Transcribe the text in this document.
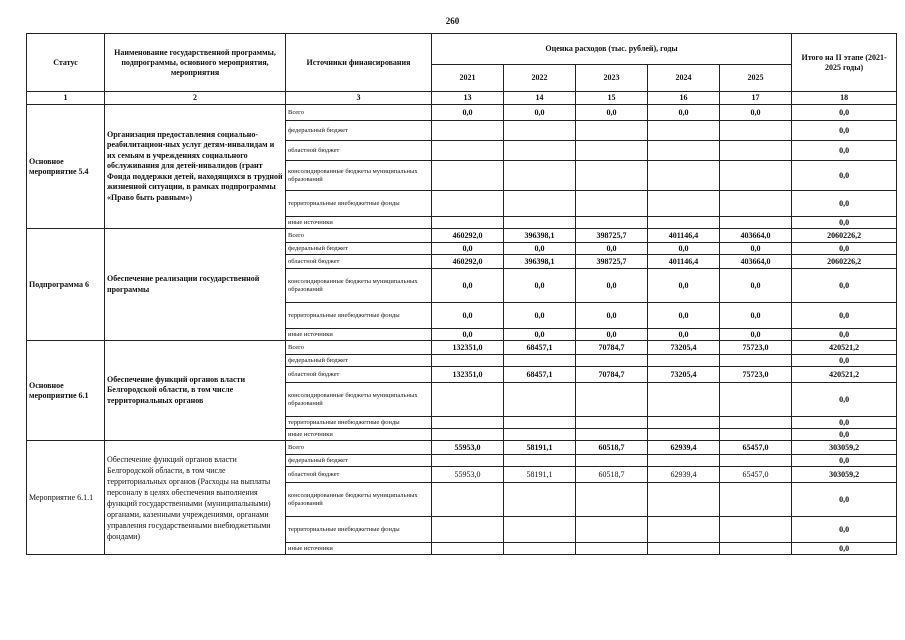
260
Статус	Наименование государственной программы, подпрограммы, основного мероприятия, мероприятия	Источники финансирования	Оценка расходов (тыс. рублей), годы					Итого на II этапе (2021-2025 годы)
			2021	2022	2023	2024	2025	
1	2	3	13	14	15	16	17	18
Основное мероприятие 5.4	Организация предоставления социально-реабилитацион-ных услуг детям-инвалидам и их семьям в учреждениях социального обслуживания для детей-инвалидов (грант Фонда поддержки детей, находящихся в трудной жизненной ситуации, в рамках подпрограммы «Право быть равным»)	Всего	0,0	0,0	0,0	0,0	0,0	0,0
		федеральный бюджет						0,0
		областной бюджет						0,0
		консолидированные бюджеты муниципальных образований						0,0
		территориальные внебюджетные фонды						0,0
		иные источники						0,0
Подпрограмма 6	Обеспечение реализации государственной программы	Всего	460292,0	396398,1	398725,7	401146,4	403664,0	2060226,2
		федеральный бюджет	0,0	0,0	0,0	0,0	0,0	0,0
		областной бюджет	460292,0	396398,1	398725,7	401146,4	403664,0	2060226,2
		консолидированные бюджеты муниципальных образований	0,0	0,0	0,0	0,0	0,0	0,0
		территориальные внебюджетные фонды	0,0	0,0	0,0	0,0	0,0	0,0
		иные источники	0,0	0,0	0,0	0,0	0,0	0,0
Основное мероприятие 6.1	Обеспечение функций органов власти Белгородской области, в том числе территориальных органов	Всего	132351,0	68457,1	70784,7	73205,4	75723,0	420521,2
		федеральный бюджет						0,0
		областной бюджет	132351,0	68457,1	70784,7	73205,4	75723,0	420521,2
		консолидированные бюджеты муниципальных образований						0,0
		территориальные внебюджетные фонды						0,0
		иные источники						0,0
Мероприятие 6.1.1	Обеспечение функций органов власти Белгородской области, в том числе территориальных органов (Расходы на выплаты персоналу в целях обеспечения выполнения функций государственными (муниципальными) органами, казенными учреждениями, органами управления государственными внебюджетными фондами)	Всего	55953,0	58191,1	60518,7	62939,4	65457,0	303059,2
		федеральный бюджет						0,0
		областной бюджет	55953,0	58191,1	60518,7	62939,4	65457,0	303059,2
		консолидированные бюджеты муниципальных образований						0,0
		территориальные внебюджетные фонды						0,0
		иные источники						0,0
